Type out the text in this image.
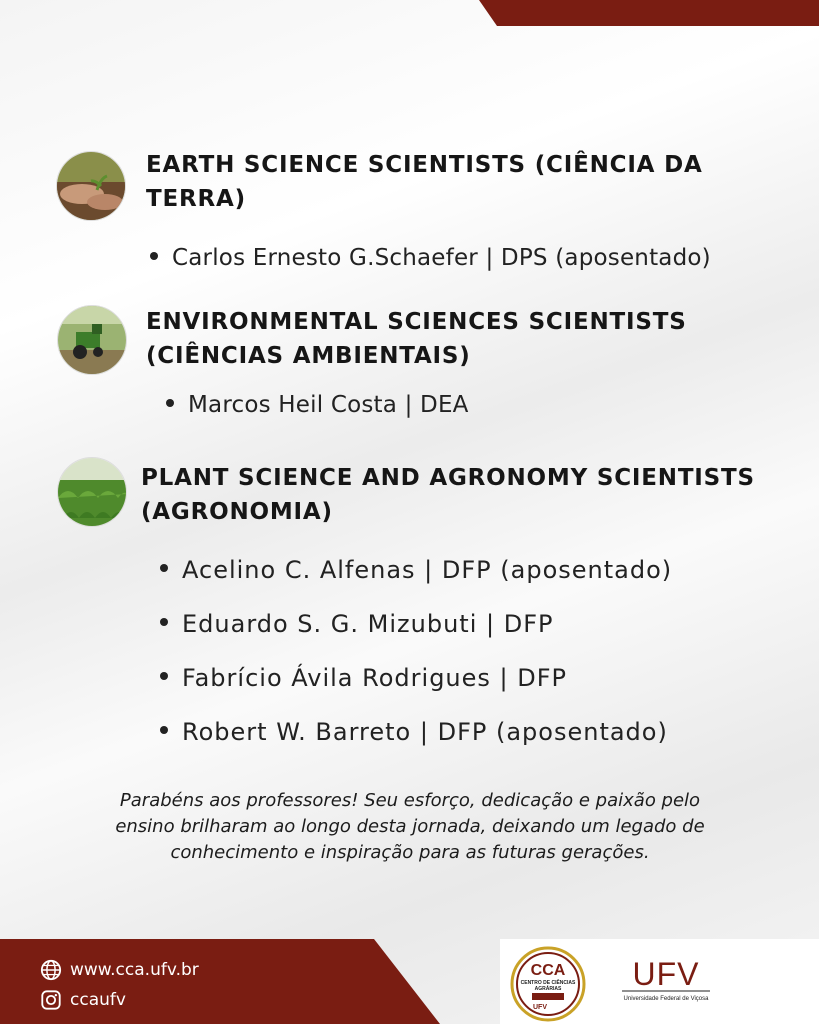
EARTH SCIENCE SCIENTISTS (CIÊNCIA DA
TERRA)
Carlos Ernesto G.Schaefer | DPS (aposentado)
ENVIRONMENTAL SCIENCES SCIENTISTS
(CIÊNCIAS AMBIENTAIS)
Marcos Heil Costa | DEA
PLANT SCIENCE AND AGRONOMY SCIENTISTS
(AGRONOMIA)
Acelino C. Alfenas | DFP (aposentado)
Eduardo S. G. Mizubuti | DFP
Fabrício Ávila Rodrigues | DFP
Robert W. Barreto | DFP (aposentado)
Parabéns aos professores! Seu esforço, dedicação e paixão pelo
ensino brilharam ao longo desta jornada, deixando um legado de
conhecimento e inspiração para as futuras gerações.
www.cca.ufv.br
ccaufv
CCA
CENTRO DE CIÊNCIAS
AGRÁRIAS
UFV
UFV
Universidade Federal de Viçosa
